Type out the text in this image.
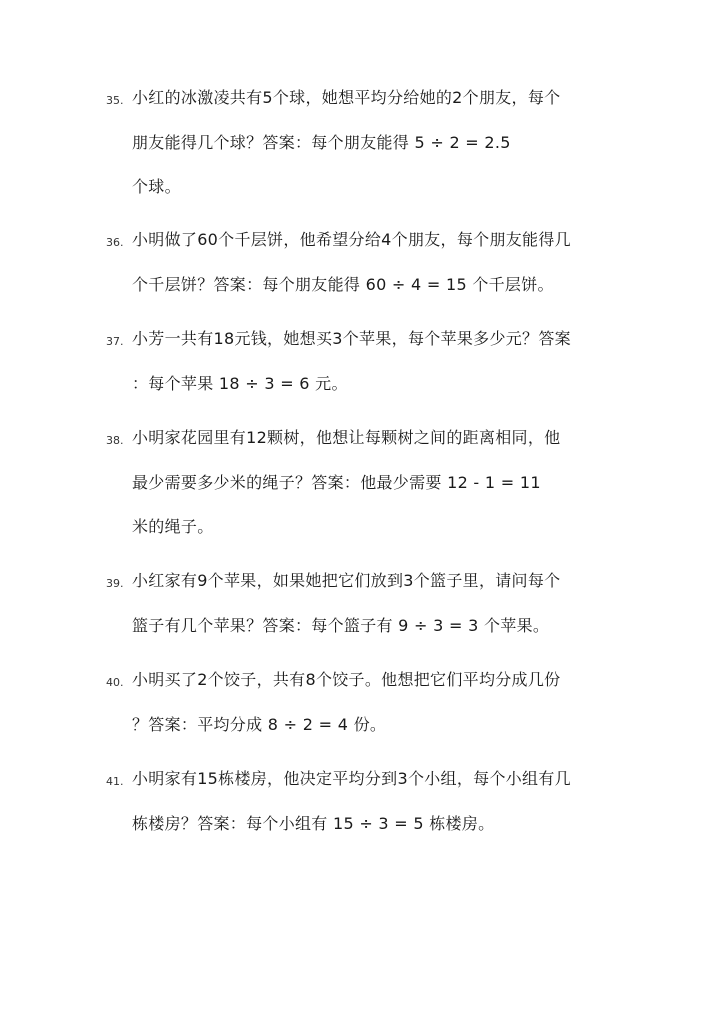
35. 小红的冰激凌共有5个球，她想平均分给她的2个朋友，每个
朋友能得几个球？答案：每个朋友能得 5 ÷ 2 = 2.5
个球。
36. 小明做了60个千层饼，他希望分给4个朋友，每个朋友能得几
个千层饼？答案：每个朋友能得 60 ÷ 4 = 15 个千层饼。
37. 小芳一共有18元钱，她想买3个苹果，每个苹果多少元？答案
：每个苹果 18 ÷ 3 = 6 元。
38. 小明家花园里有12颗树，他想让每颗树之间的距离相同，他
最少需要多少米的绳子？答案：他最少需要 12 - 1 = 11
米的绳子。
39. 小红家有9个苹果，如果她把它们放到3个篮子里，请问每个
篮子有几个苹果？答案：每个篮子有 9 ÷ 3 = 3 个苹果。
40. 小明买了2个饺子，共有8个饺子。他想把它们平均分成几份
？答案：平均分成 8 ÷ 2 = 4 份。
41. 小明家有15栋楼房，他决定平均分到3个小组，每个小组有几
栋楼房？答案：每个小组有 15 ÷ 3 = 5 栋楼房。
